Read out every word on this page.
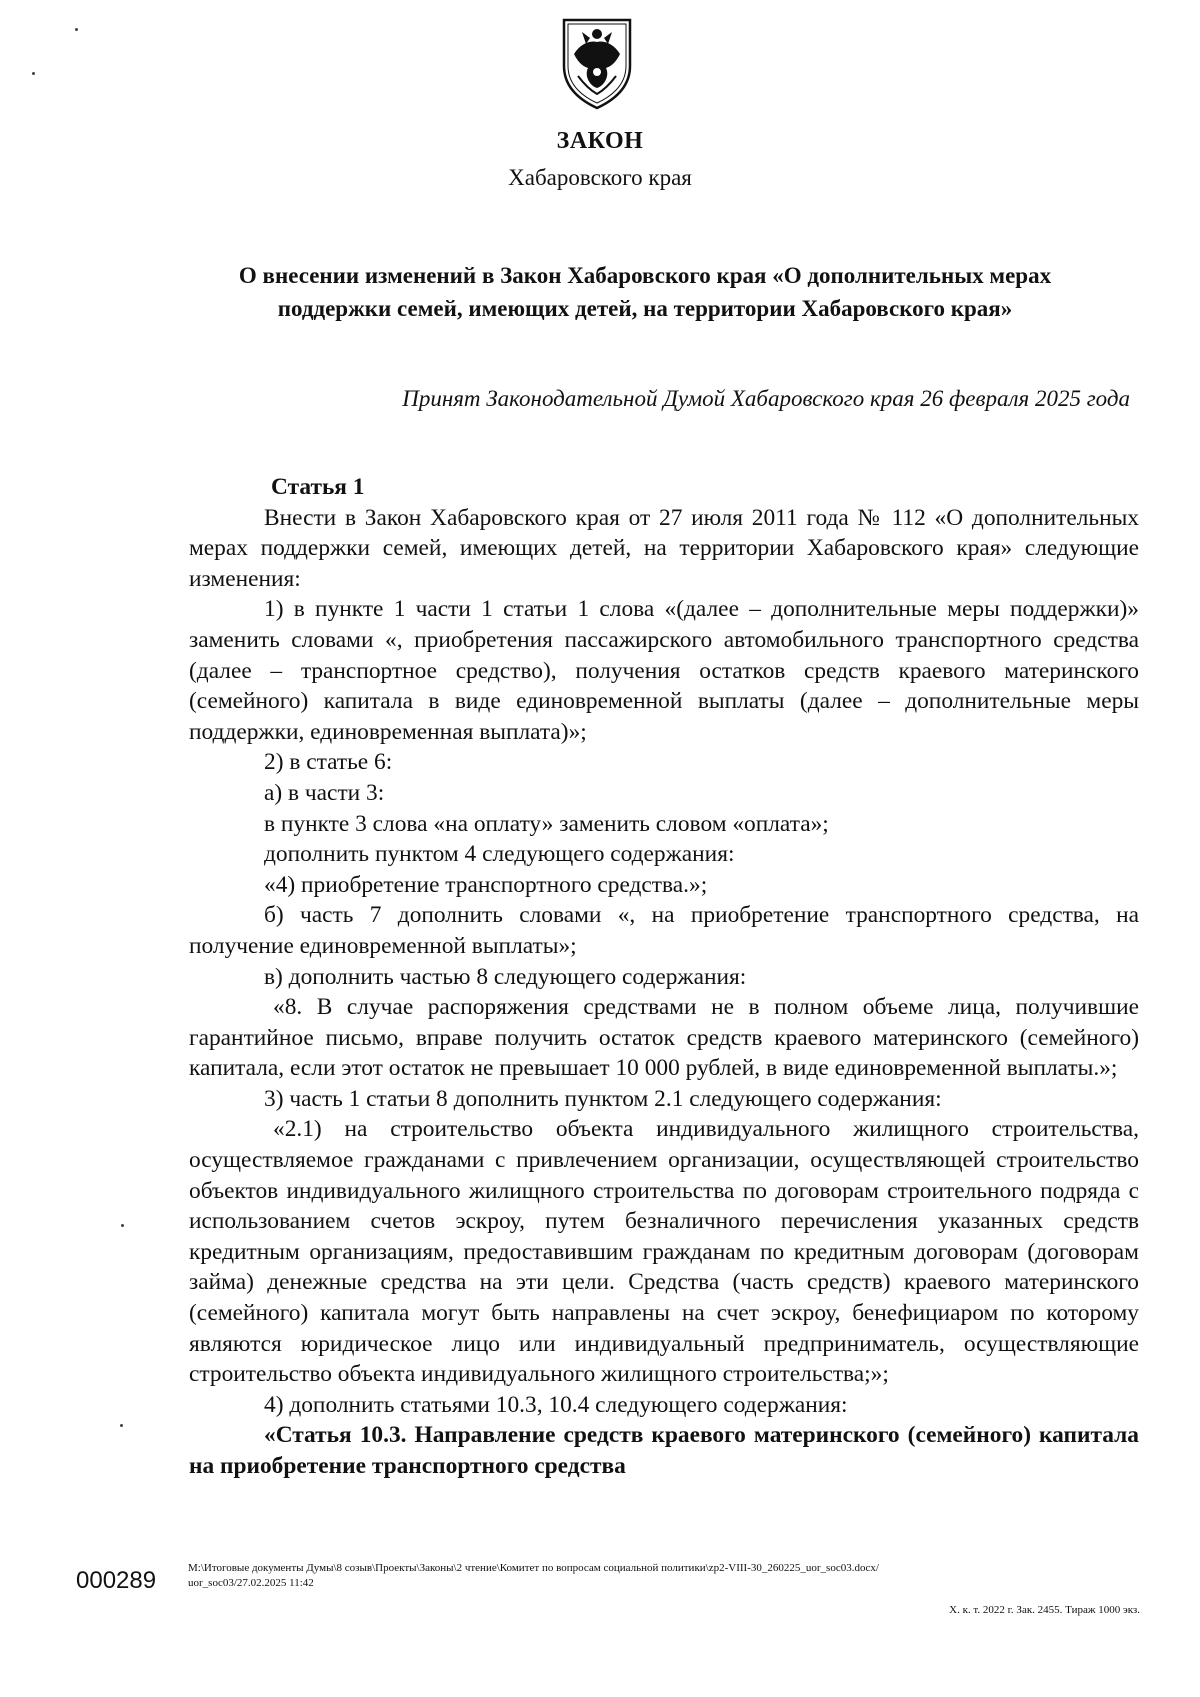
ЗАКОН
Хабаровского края
О внесении изменений в Закон Хабаровского края «О дополнительных мерах
поддержки семей, имеющих детей, на территории Хабаровского края»
Принят Законодательной Думой Хабаровского края 26 февраля 2025 года

Статья 1

Внести в Закон Хабаровского края от 27 июля 2011 года № 112 «О дополнительных мерах поддержки семей, имеющих детей, на территории Хабаровского края» следующие изменения:

1) в пункте 1 части 1 статьи 1 слова «(далее – дополнительные меры поддержки)» заменить словами «, приобретения пассажирского автомобильного транспортного средства (далее – транспортное средство), получения остатков средств краевого материнского (семейного) капитала в виде единовременной выплаты (далее – дополнительные меры поддержки, единовременная выплата)»;

2) в статье 6:

а) в части 3:

в пункте 3 слова «на оплату» заменить словом «оплата»;

дополнить пунктом 4 следующего содержания:

«4) приобретение транспортного средства.»;

б) часть 7 дополнить словами «, на приобретение транспортного средства, на получение единовременной выплаты»;

в) дополнить частью 8 следующего содержания:

«8. В случае распоряжения средствами не в полном объеме лица, получившие гарантийное письмо, вправе получить остаток средств краевого материнского (семейного) капитала, если этот остаток не превышает 10 000 рублей, в виде единовременной выплаты.»;

3) часть 1 статьи 8 дополнить пунктом 2.1 следующего содержания:

«2.1) на строительство объекта индивидуального жилищного строительства, осуществляемое гражданами с привлечением организации, осуществляющей строительство объектов индивидуального жилищного строительства по договорам строительного подряда с использованием счетов эскроу, путем безналичного перечисления указанных средств кредитным организациям, предоставившим гражданам по кредитным договорам (договорам займа) денежные средства на эти цели. Средства (часть средств) краевого материнского (семейного) капитала могут быть направлены на счет эскроу, бенефициаром по которому являются юридическое лицо или индивидуальный предприниматель, осуществляющие строительство объекта индивидуального жилищного строительства;»;

4) дополнить статьями 10.3, 10.4 следующего содержания:

«Статья 10.3. Направление средств краевого материнского (семейного) капитала на приобретение транспортного средства

000289	M:\Итоговые документы Думы\8 созыв\Проекты\Законы\2 чтение\Комитет по вопросам социальной политики\zp2-VIII-30_260225_uor_soc03.docx/
uor_soc03/27.02.2025 11:42
Х. к. т. 2022 г. Зак. 2455. Тираж 1000 экз.
